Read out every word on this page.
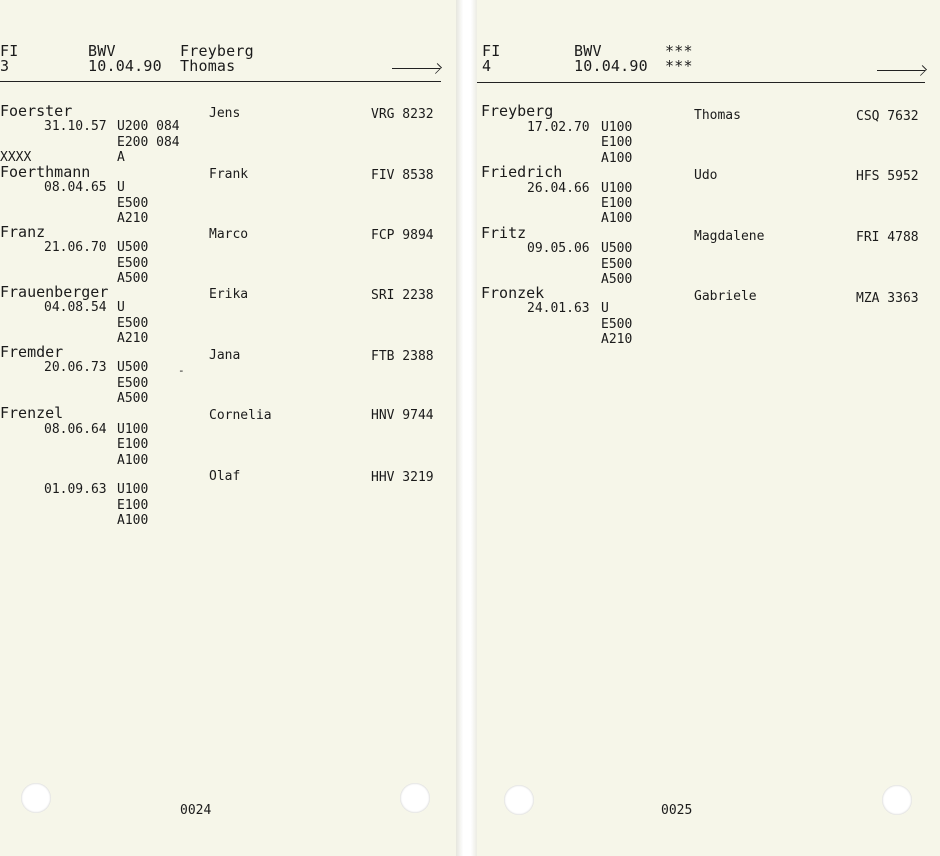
FI
3
BWV
10.04.90
Freyberg
Thomas
Foerster
31.10.57 U200 084
E200 084
XXXX	A
Jens	VRG 8232
Foerthmann
08.04.65 U
E500
A210
Frank	FIV 8538
Franz
21.06.70 U500
E500
A500
Marco	FCP 9894
Frauenberger
04.08.54 U
E500
A210
Erika	SRI 2238
Fremder
20.06.73 U500
E500
A500
Jana	FTB 2388
Frenzel
08.06.64 U100
E100
A100
Cornelia	HNV 9744
01.09.63 U100
E100
A100
Olaf	HHV 3219
-
0024
FI
4
BWV
10.04.90
***
***
Freyberg
17.02.70 U100
E100
A100
Thomas	CSQ 7632
Friedrich
26.04.66 U100
E100
A100
Udo	HFS 5952
Fritz
09.05.06 U500
E500
A500
Magdalene	FRI 4788
Fronzek
24.01.63 U
E500
A210
Gabriele	MZA 3363
0025
